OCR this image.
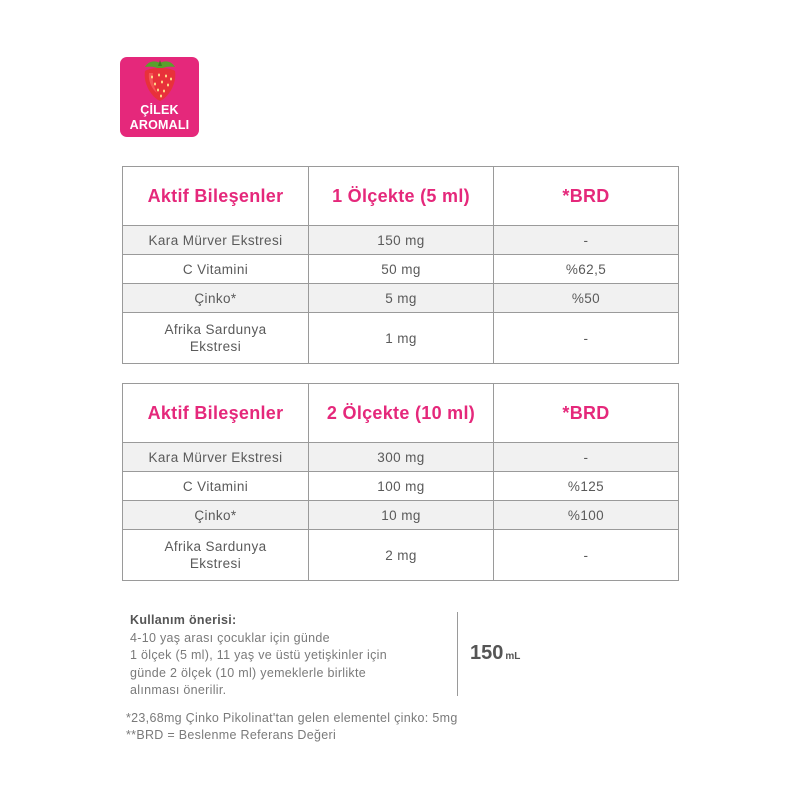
ÇİLEK
AROMALI
Aktif Bileşenler	1 Ölçekte (5 ml)	*BRD
Kara Mürver Ekstresi	150 mg	-
C Vitamini	50 mg	%62,5
Çinko*	5 mg	%50
Afrika Sardunya
Ekstresi	1 mg	-
Aktif Bileşenler	2 Ölçekte (10 ml)	*BRD
Kara Mürver Ekstresi	300 mg	-
C Vitamini	100 mg	%125
Çinko*	10 mg	%100
Afrika Sardunya
Ekstresi	2 mg	-
Kullanım önerisi:
4-10 yaş arası çocuklar için günde
1 ölçek (5 ml), 11 yaş ve üstü yetişkinler için
günde 2 ölçek (10 ml) yemeklerle birlikte
alınması önerilir.
150 mL
*23,68mg Çinko Pikolinat'tan gelen elementel çinko: 5mg
**BRD = Beslenme Referans Değeri
